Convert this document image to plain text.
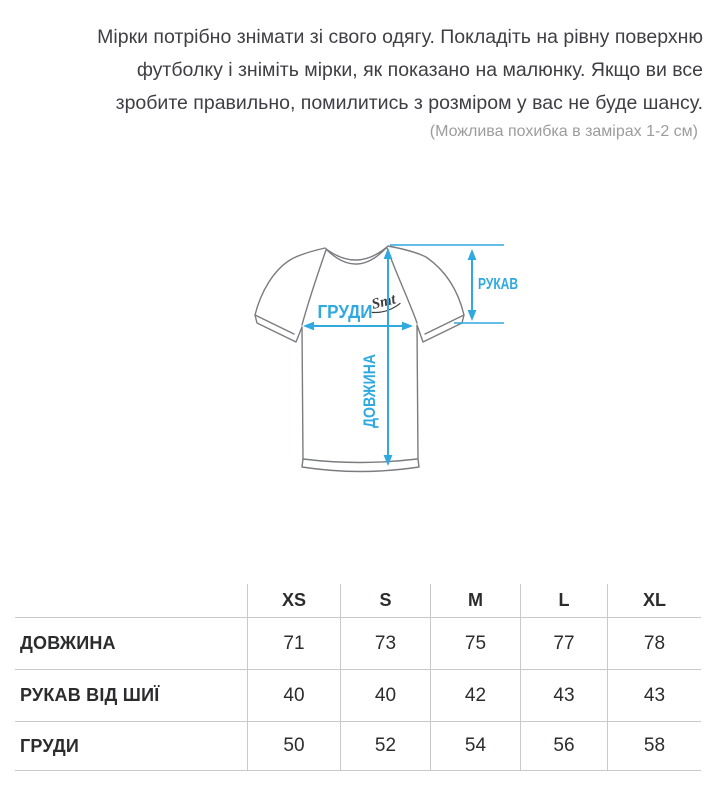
Мірки потрібно знімати зі свого одягу. Покладіть на рівну поверхню
футболку і зніміть мірки, як показано на малюнку. Якщо ви все
зробите правильно, помилитись з розміром у вас не буде шансу.
(Можлива похибка в замірах 1-2 см)
Smt
ГРУДИ
ДОВЖИНА
РУКАВ
XS	S	M	L	XL
ДОВЖИНА	71	73	75	77	78
РУКАВ ВІД ШИЇ	40	40	42	43	43
ГРУДИ	50	52	54	56	58
